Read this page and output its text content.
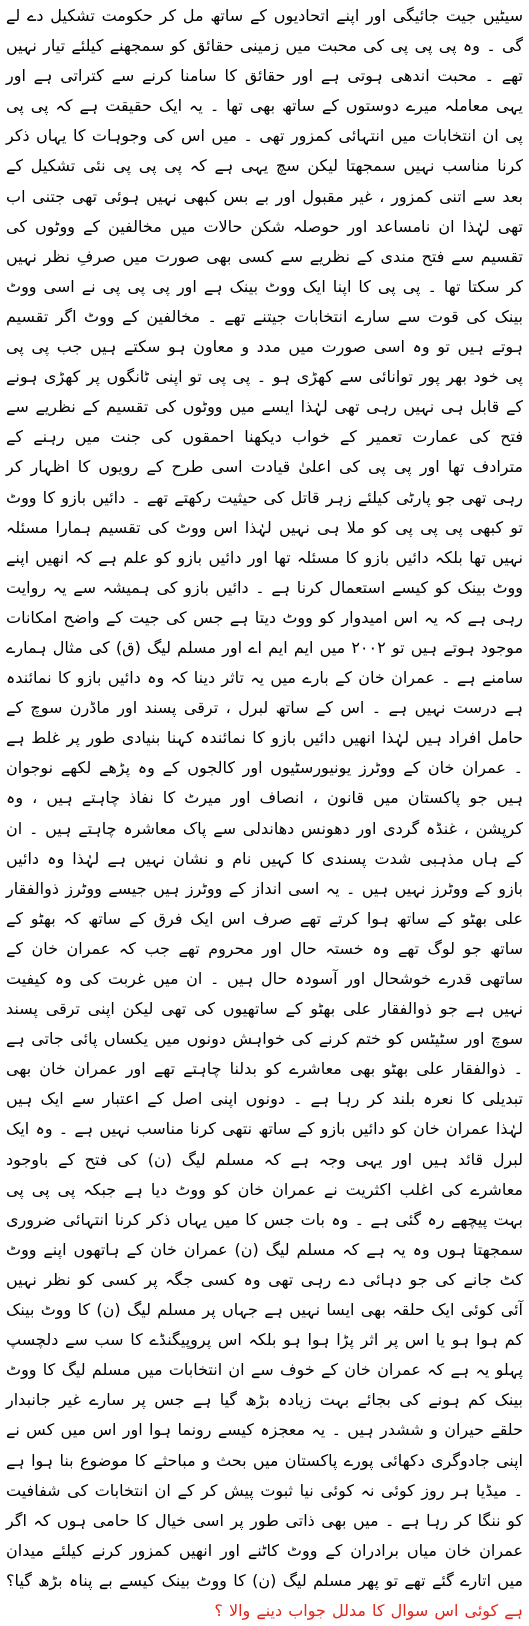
سیٹیں جیت جائیگی اور اپنے اتحادیوں کے ساتھ مل کر حکومت تشکیل دے لے گی ۔ وہ پی پی پی کی محبت میں زمینی حقائق کو سمجھنے کیلئے تیار نہیں تھے ۔ محبت اندھی ہوتی ہے اور حقائق کا سامنا کرنے سے کتراتی ہے اور یہی معاملہ میرے دوستوں کے ساتھ بھی تھا ۔ یہ ایک حقیقت ہے کہ پی پی پی ان انتخابات میں انتہائی کمزور تھی ۔ میں اس کی وجوہات کا یہاں ذکر کرنا مناسب نہیں سمجھتا لیکن سچ یہی ہے کہ پی پی پی نئی تشکیل کے بعد سے اتنی کمزور ، غیر مقبول اور بے بس کبھی نہیں ہوئی تھی جتنی اب تھی لہٰذا ان نامساعد اور حوصلہ شکن حالات میں مخالفین کے ووٹوں کی تقسیم سے فتح مندی کے نظریے سے کسی بھی صورت میں صرفِ نظر نہیں کر سکتا تھا ۔ پی پی کا اپنا ایک ووٹ بینک ہے اور پی پی پی نے اسی ووٹ بینک کی قوت سے سارے انتخابات جیتنے تھے ۔ مخالفین کے ووٹ اگر تقسیم ہوتے ہیں تو وہ اسی صورت میں مدد و معاون ہو سکتے ہیں جب پی پی پی خود بھر پور توانائی سے کھڑی ہو ۔ پی پی تو اپنی ٹانگوں پر کھڑی ہونے کے قابل ہی نہیں رہی تھی لہٰذا ایسے میں ووٹوں کی تقسیم کے نظریے سے فتح کی عمارت تعمیر کے خواب دیکھنا احمقوں کی جنت میں رہنے کے مترادف تھا اور پی پی کی اعلیٰ قیادت اسی طرح کے رویوں کا اظہار کر رہی تھی جو پارٹی کیلئے زہر قاتل کی حیثیت رکھتے تھے ۔ دائیں بازو کا ووٹ تو کبھی پی پی پی کو ملا ہی نہیں لہٰذا اس ووٹ کی تقسیم ہمارا مسئلہ نہیں تھا بلکہ دائیں بازو کا مسئلہ تھا اور دائیں بازو کو علم ہے کہ انھیں اپنے ووٹ بینک کو کیسے استعمال کرنا ہے ۔ دائیں بازو کی ہمیشہ سے یہ روایت رہی ہے کہ یہ اس امیدوار کو ووٹ دیتا ہے جس کی جیت کے واضح امکانات موجود ہوتے ہیں تو ۲۰۰۲ میں ایم ایم اے اور مسلم لیگ (ق) کی مثال ہمارے سامنے ہے ۔ عمران خان کے بارے میں یہ تاثر دینا کہ وہ دائیں بازو کا نمائندہ ہے درست نہیں ہے ۔ اس کے ساتھ لبرل ، ترقی پسند اور ماڈرن سوچ کے حامل افراد ہیں لہٰذا انھیں دائیں بازو کا نمائندہ کہنا بنیادی طور پر غلط ہے ۔ عمران خان کے ووٹرز یونیورسٹیوں اور کالجوں کے وہ پڑھے لکھے نوجوان ہیں جو پاکستان میں قانون ، انصاف اور میرٹ کا نفاذ چاہتے ہیں ، وہ کرپشن ، غنڈہ گردی اور دھونس دھاندلی سے پاک معاشرہ چاہتے ہیں ۔ ان کے ہاں مذہبی شدت پسندی کا کہیں نام و نشان نہیں ہے لہٰذا وہ دائیں بازو کے ووٹرز نہیں ہیں ۔ یہ اسی انداز کے ووٹرز ہیں جیسے ووٹرز ذوالفقار علی بھٹو کے ساتھ ہوا کرتے تھے صرف اس ایک فرق کے ساتھ کہ بھٹو کے ساتھ جو لوگ تھے وہ خستہ حال اور محروم تھے جب کہ عمران خان کے ساتھی قدرے خوشحال اور آسودہ حال ہیں ۔ ان میں غربت کی وہ کیفیت نہیں ہے جو ذوالفقار علی بھٹو کے ساتھیوں کی تھی لیکن اپنی ترقی پسند سوچ اور سٹیٹس کو ختم کرنے کی خواہش دونوں میں یکساں پائی جاتی ہے ۔ ذوالفقار علی بھٹو بھی معاشرے کو بدلنا چاہتے تھے اور عمران خان بھی تبدیلی کا نعرہ بلند کر رہا ہے ۔ دونوں اپنی اصل کے اعتبار سے ایک ہیں لہٰذا عمران خان کو دائیں بازو کے ساتھ نتھی کرنا مناسب نہیں ہے ۔ وہ ایک لبرل قائد ہیں اور یہی وجہ ہے کہ مسلم لیگ (ن) کی فتح کے باوجود معاشرے کی اغلب اکثریت نے عمران خان کو ووٹ دیا ہے جبکہ پی پی پی بہت پیچھے رہ گئی ہے ۔ وہ بات جس کا میں یہاں ذکر کرنا انتہائی ضروری سمجھتا ہوں وہ یہ ہے کہ مسلم لیگ (ن) عمران خان کے ہاتھوں اپنے ووٹ کٹ جانے کی جو دہائی دے رہی تھی وہ کسی جگہ پر کسی کو نظر نہیں آئی کوئی ایک حلقہ بھی ایسا نہیں ہے جہاں پر مسلم لیگ (ن) کا ووٹ بینک کم ہوا ہو یا اس پر اثر پڑا ہوا ہو بلکہ اس پروپیگنڈے کا سب سے دلچسپ پہلو یہ ہے کہ عمران خان کے خوف سے ان انتخابات میں مسلم لیگ کا ووٹ بینک کم ہونے کی بجائے بہت زیادہ بڑھ گیا ہے جس پر سارے غیر جانبدار حلقے حیران و ششدر ہیں ۔ یہ معجزہ کیسے رونما ہوا اور اس میں کس نے اپنی جادوگری دکھائی پورے پاکستان میں بحث و مباحثے کا موضوع بنا ہوا ہے ۔ میڈیا ہر روز کوئی نہ کوئی نیا ثبوت پیش کر کے ان انتخابات کی شفافیت کو ننگا کر رہا ہے ۔ میں بھی ذاتی طور پر اسی خیال کا حامی ہوں کہ اگر عمران خان میاں برادران کے ووٹ کاٹنے اور انھیں کمزور کرنے کیلئے میدان میں اتارے گئے تھے تو پھر مسلم لیگ (ن) کا ووٹ بینک کیسے بے پناہ بڑھ گیا؟ ہے کوئی اس سوال کا مدلل جواب دینے والا ؟
